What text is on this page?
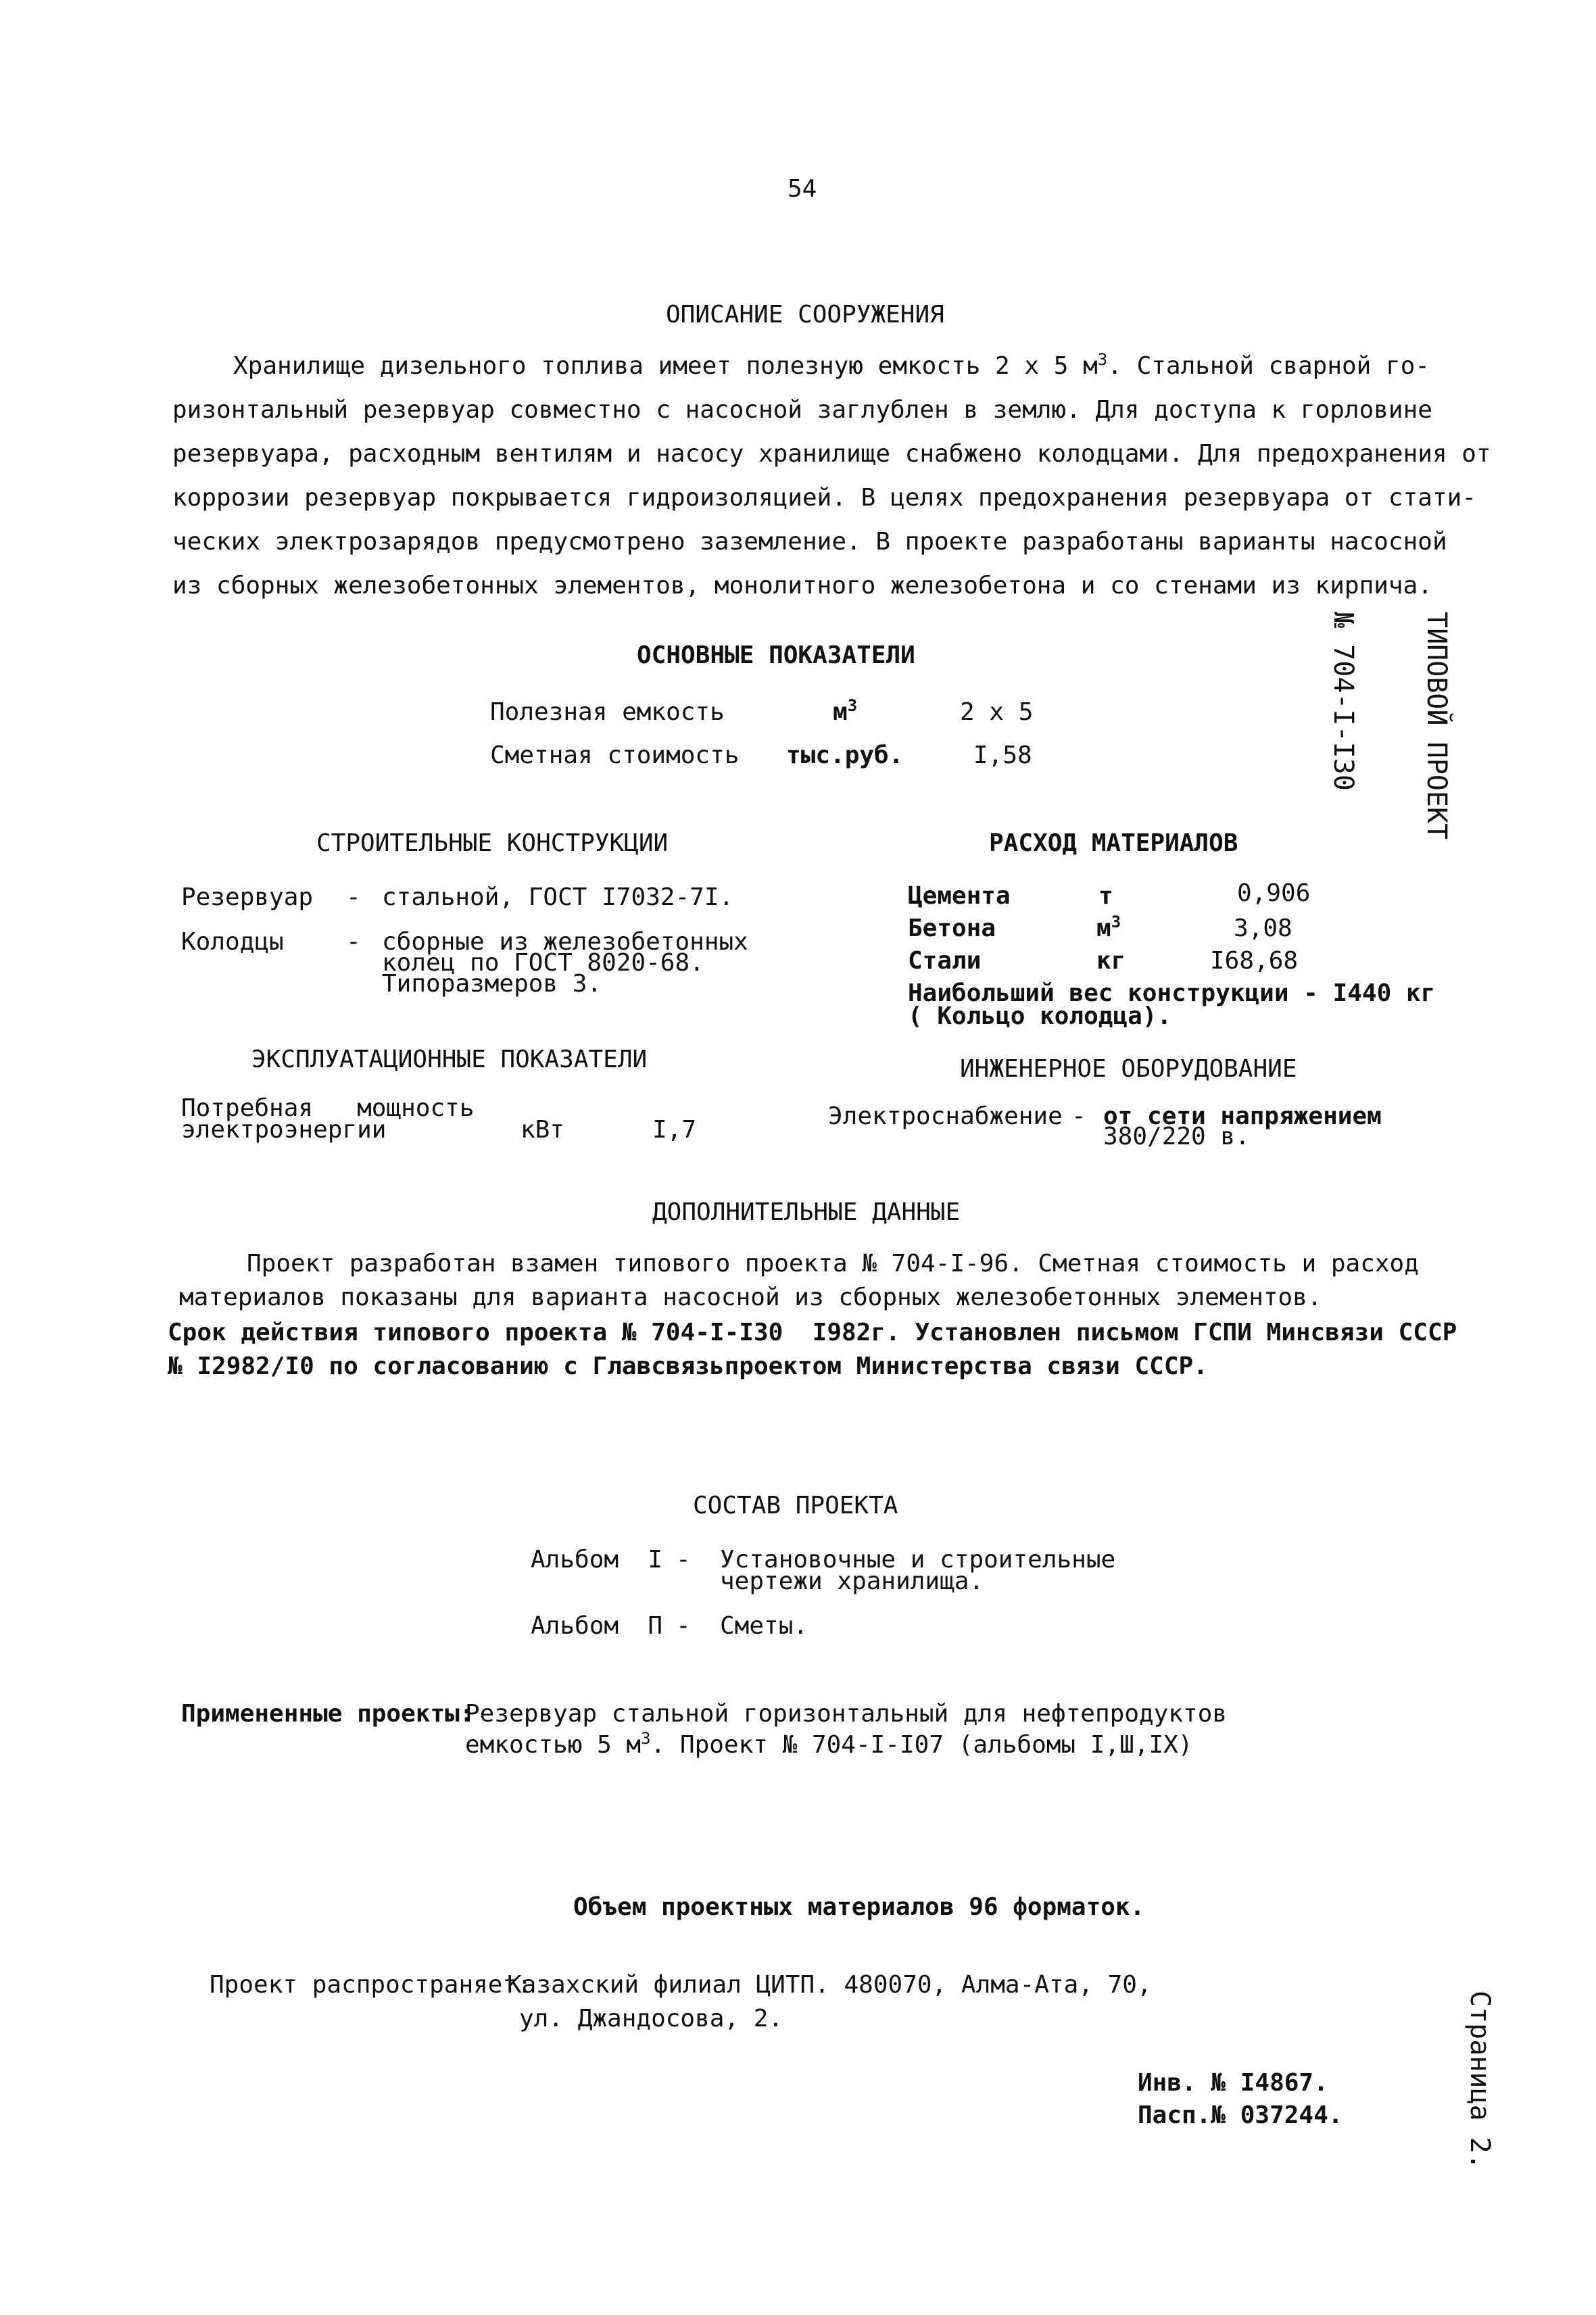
54
ОПИСАНИЕ СООРУЖЕНИЯ
Хранилище дизельного топлива имеет полезную емкость 2 х 5 $м^3$. Стальной сварной го-
ризонтальный резервуар совместно с насосной заглублен в землю. Для доступа к горловине
резервуара, расходным вентилям и насосу хранилище снабжено колодцами. Для предохранения от
коррозии резервуар покрывается гидроизоляцией. В целях предохранения резервуара от стати-
ческих электрозарядов предусмотрено заземление. В проекте разработаны варианты насосной
из сборных железобетонных элементов, монолитного железобетона и со стенами из кирпича.
ОСНОВНЫЕ ПОКАЗАТЕЛИ
Полезная емкость	$м^3$	2 х 5
Сметная стоимость тыс.руб.	I,58

	ТИПОВОЙ ПРОЕКТ

№ 704-I-I30

СТРОИТЕЛЬНЫЕ КОНСТРУКЦИИ
Резервуар - стальной, ГОСТ I7032-7I.
Колодцы	- сборные из железобетонных
колец по ГОСТ 8020-68.
Типоразмеров 3.
РАСХОД МАТЕРИАЛОВ
Цемента	т	0,906
Бетона	$м^3$	3,08
Стали	кг	I68,68
Наибольший вес конструкции - I440 кг
( Кольцо колодца).
ЭКСПЛУАТАЦИОННЫЕ ПОКАЗАТЕЛИ
Потребная   мощность
электроэнергии	кВт	I,7
ИНЖЕНЕРНОЕ ОБОРУДОВАНИЕ
Электроснабжение - от сети напряжением
380/220 в.
ДОПОЛНИТЕЛЬНЫЕ ДАННЫЕ
Проект разработан взамен типового проекта № 704-I-96. Сметная стоимость и расход
материалов показаны для варианта насосной из сборных железобетонных элементов.
Срок действия типового проекта № 704-I-I30  I982г. Установлен письмом ГСПИ Минсвязи СССР
№ I2982/I0 по согласованию с Главсвязьпроектом Министерства связи СССР.
СОСТАВ ПРОЕКТА
Альбом  I - Установочные и строительные
чертежи хранилища.
Альбом  П - Сметы.
Примененные проекты:
Резервуар стальной горизонтальный для нефтепродуктов
емкостью 5 $м^3$. Проект № 704-I-I07 (альбомы I,Ш,IX)
Объем проектных материалов 96 форматок.
Проект распространяет:
Казахский филиал ЦИТП. 480070, Алма-Ата, 70,
ул. Джандосова, 2.
Инв. № I4867.
Пасп.№ 037244.	Страница 2.
